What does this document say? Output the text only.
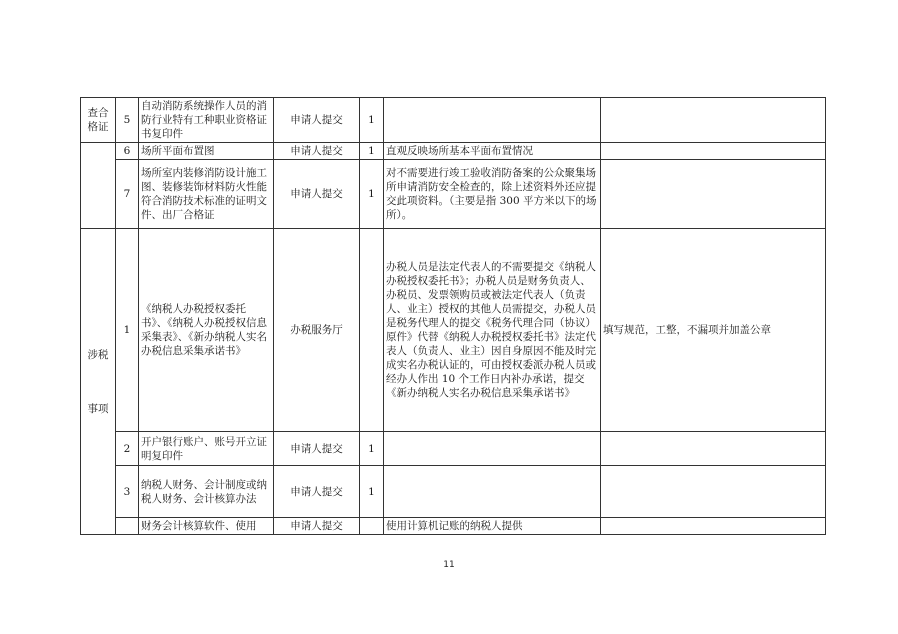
查合
格证	5	自动消防系统操作人员的消防行业特有工种职业资格证书复印件	申请人提交	1		
	6	场所平面布置图	申请人提交	1	直观反映场所基本平面布置情况	
	7	场所室内装修消防设计施工图、装修装饰材料防火性能符合消防技术标准的证明文件、出厂合格证	申请人提交	1	对不需要进行竣工验收消防备案的公众聚集场所申请消防安全检查的，除上述资料外还应提交此项资料。（主要是指 300 平方米以下的场所）。	

涉税
事项	1	《纳税人办税授权委托书》、《纳税人办税授权信息采集表》、《新办纳税人实名办税信息采集承诺书》	办税服务厅		办税人员是法定代表人的不需要提交《纳税人办税授权委托书》；办税人员是财务负责人、办税员、发票领购员或被法定代表人（负责人、业主）授权的其他人员需提交，办税人员是税务代理人的提交《税务代理合同（协议）原件》代替《纳税人办税授权委托书》法定代表人（负责人、业主）因自身原因不能及时完成实名办税认证的，可由授权委派办税人员或经办人作出 10 个工作日内补办承诺，提交《新办纳税人实名办税信息采集承诺书》	填写规范，工整，不漏项并加盖公章
	2	开户银行账户、账号开立证明复印件	申请人提交	1		
	3	纳税人财务、会计制度或纳税人财务、会计核算办法	申请人提交	1		
		财务会计核算软件、使用	申请人提交		使用计算机记账的纳税人提供	
11
